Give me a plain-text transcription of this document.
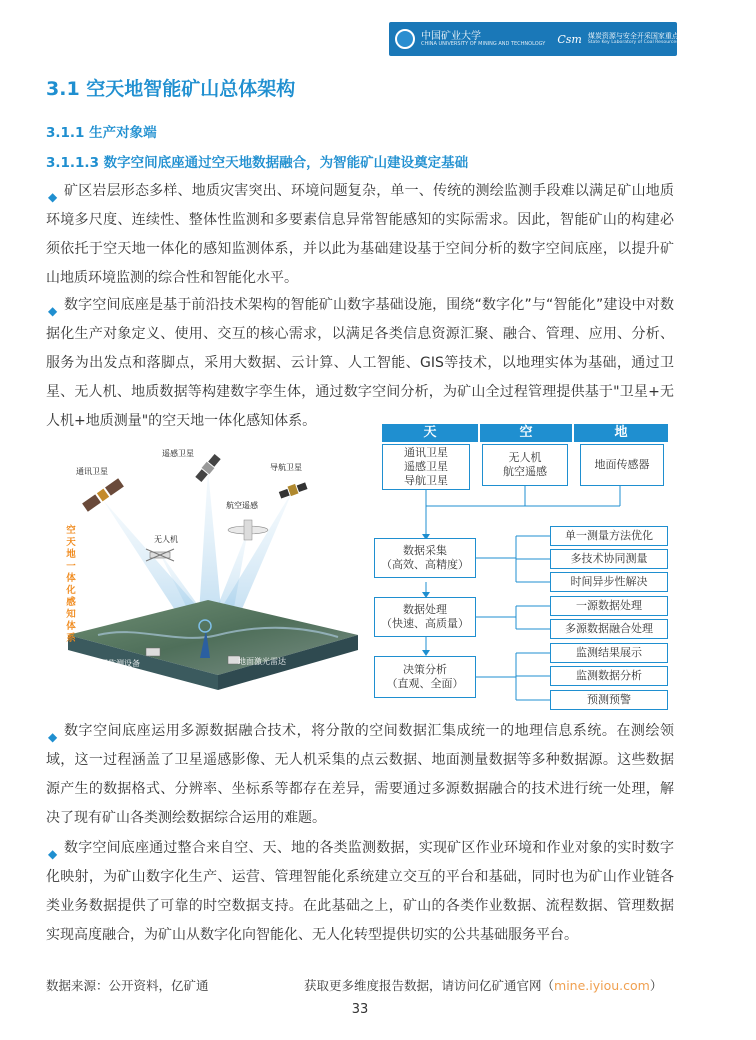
中国矿业大学
CHINA UNIVERSITY OF MINING AND TECHNOLOGY Csm 煤炭资源与安全开采国家重点实验室
State Key Laboratory of Coal Resources and Safe Mining(CUMT) 亿矿通
3.1 空天地智能矿山总体架构
3.1.1 生产对象端
3.1.1.3 数字空间底座通过空天地数据融合，为智能矿山建设奠定基础
◆ 矿区岩层形态多样、地质灾害突出、环境问题复杂，单一、传统的测绘监测手段难以满足矿山地质环境多尺度、连续性、整体性监测和多要素信息异常智能感知的实际需求。因此，智能矿山的构建必须依托于空天地一体化的感知监测体系，并以此为基础建设基于空间分析的数字空间底座，以提升矿山地质环境监测的综合性和智能化水平。
◆ 数字空间底座是基于前沿技术架构的智能矿山数字基础设施，围绕“数字化”与“智能化”建设中对数据化生产对象定义、使用、交互的核心需求，以满足各类信息资源汇聚、融合、管理、应用、分析、服务为出发点和落脚点，采用大数据、云计算、人工智能、GIS等技术，以地理实体为基础，通过卫星、无人机、地质数据等构建数字孪生体，通过数字空间分析，为矿山全过程管理提供基于"卫星+无人机+地质测量"的空天地一体化感知体系。
空天地一体化感知体系
通讯卫星
遥感卫星
导航卫星
航空遥感
无人机
物联网监测设备	地面激光雷达
天	空	地
通讯卫星
遥感卫星
导航卫星
无人机
航空遥感
地面传感器
数据采集
（高效、高精度）
数据处理
（快速、高质量）
决策分析
（直观、全面）
单一测量方法优化
多技术协同测量
时间异步性解决
一源数据处理
多源数据融合处理
监测结果展示
监测数据分析
预测预警
◆ 数字空间底座运用多源数据融合技术，将分散的空间数据汇集成统一的地理信息系统。在测绘领域，这一过程涵盖了卫星遥感影像、无人机采集的点云数据、地面测量数据等多种数据源。这些数据源产生的数据格式、分辨率、坐标系等都存在差异，需要通过多源数据融合的技术进行统一处理，解决了现有矿山各类测绘数据综合运用的难题。
◆ 数字空间底座通过整合来自空、天、地的各类监测数据，实现矿区作业环境和作业对象的实时数字化映射，为矿山数字化生产、运营、管理智能化系统建立交互的平台和基础，同时也为矿山作业链各类业务数据提供了可靠的时空数据支持。在此基础之上，矿山的各类作业数据、流程数据、管理数据实现高度融合，为矿山从数字化向智能化、无人化转型提供切实的公共基础服务平台。
数据来源：公开资料，亿矿通	获取更多维度报告数据，请访问亿矿通官网（mine.iyiou.com）
33
